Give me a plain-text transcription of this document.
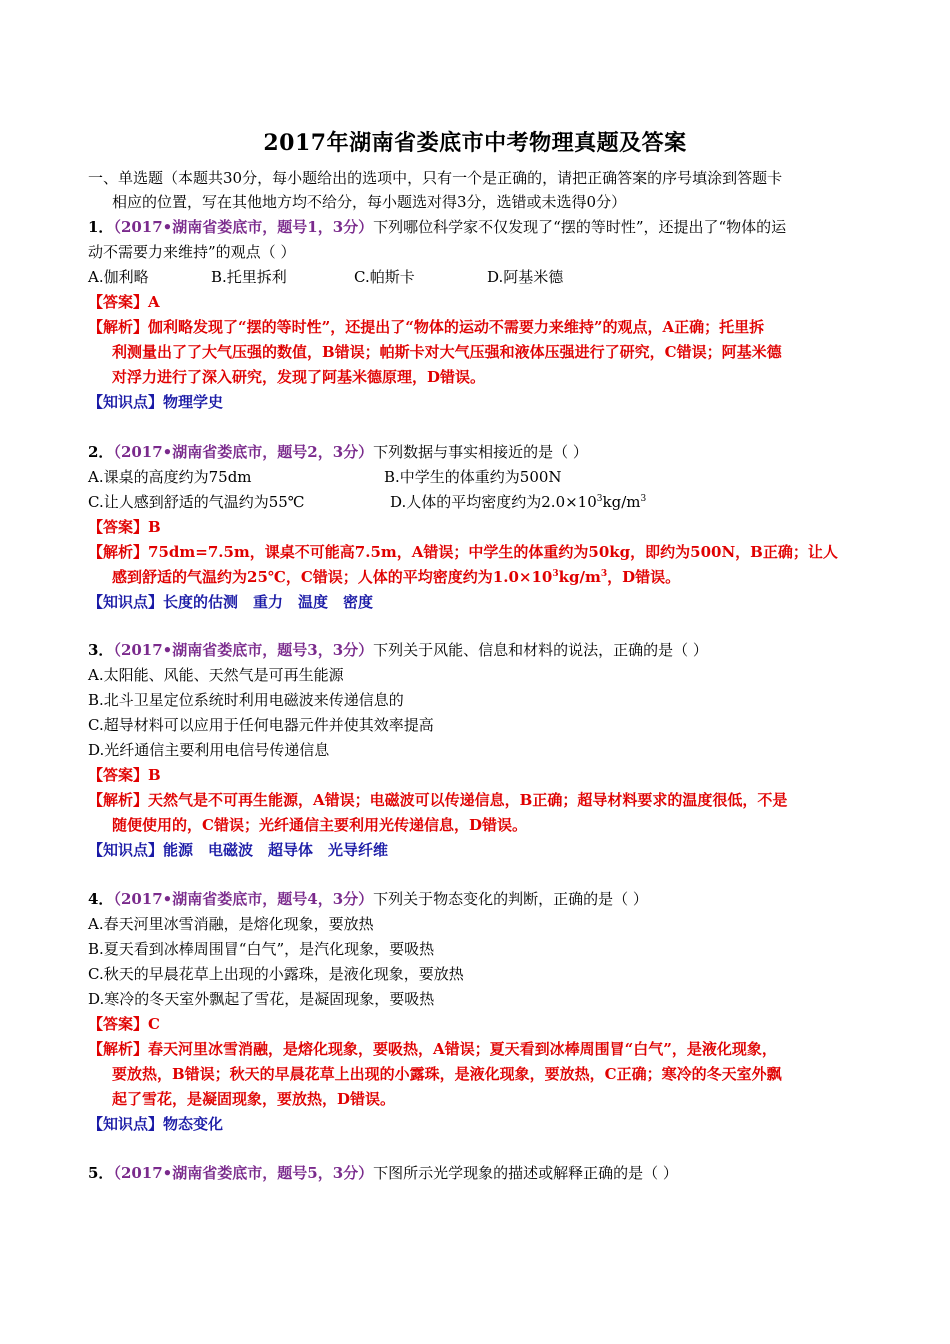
2017年湖南省娄底市中考物理真题及答案
一、单选题（本题共30分，每小题给出的选项中，只有一个是正确的，请把正确答案的序号填涂到答题卡
相应的位置，写在其他地方均不给分，每小题选对得3分，选错或未选得0分）
1．（2017•湖南省娄底市，题号1，3分）下列哪位科学家不仅发现了“摆的等时性”，还提出了“物体的运
动不需要力来维持”的观点（ ）
A.伽利略	B.托里拆利	C.帕斯卡	D.阿基米德
【答案】A
【解析】伽利略发现了“摆的等时性”，还提出了“物体的运动不需要力来维持”的观点，A正确；托里拆
利测量出了了大气压强的数值，B错误；帕斯卡对大气压强和液体压强进行了研究，C错误；阿基米德
对浮力进行了深入研究，发现了阿基米德原理，D错误。
【知识点】物理学史
2．（2017•湖南省娄底市，题号2，3分）下列数据与事实相接近的是（ ）
A.课桌的高度约为75dm	B.中学生的体重约为500N
C.让人感到舒适的气温约为55℃	D.人体的平均密度约为$2.0\times 10^3kg/m^3$
【答案】B
【解析】75dm=7.5m，课桌不可能高7.5m，A错误；中学生的体重约为50kg，即约为500N，B正确；让人
感到舒适的气温约为25℃，C错误；人体的平均密度约为$1.0\times 10^3kg/m^3$，D错误。
【知识点】长度的估测　重力　温度　密度
3．（2017•湖南省娄底市，题号3，3分）下列关于风能、信息和材料的说法，正确的是（ ）
A.太阳能、风能、天然气是可再生能源
B.北斗卫星定位系统时利用电磁波来传递信息的
C.超导材料可以应用于任何电器元件并使其效率提高
D.光纤通信主要利用电信号传递信息
【答案】B
【解析】天然气是不可再生能源，A错误；电磁波可以传递信息，B正确；超导材料要求的温度很低，不是
随便使用的，C错误；光纤通信主要利用光传递信息，D错误。
【知识点】能源　电磁波　超导体　光导纤维
4．（2017•湖南省娄底市，题号4，3分）下列关于物态变化的判断，正确的是（ ）
A.春天河里冰雪消融，是熔化现象，要放热
B.夏天看到冰棒周围冒“白气”，是汽化现象，要吸热
C.秋天的早晨花草上出现的小露珠，是液化现象，要放热
D.寒冷的冬天室外飘起了雪花，是凝固现象，要吸热
【答案】C
【解析】春天河里冰雪消融，是熔化现象，要吸热，A错误；夏天看到冰棒周围冒“白气”，是液化现象，
要放热，B错误；秋天的早晨花草上出现的小露珠，是液化现象，要放热，C正确；寒冷的冬天室外飘
起了雪花，是凝固现象，要放热，D错误。
【知识点】物态变化
5．（2017•湖南省娄底市，题号5，3分）下图所示光学现象的描述或解释正确的是（ ）
